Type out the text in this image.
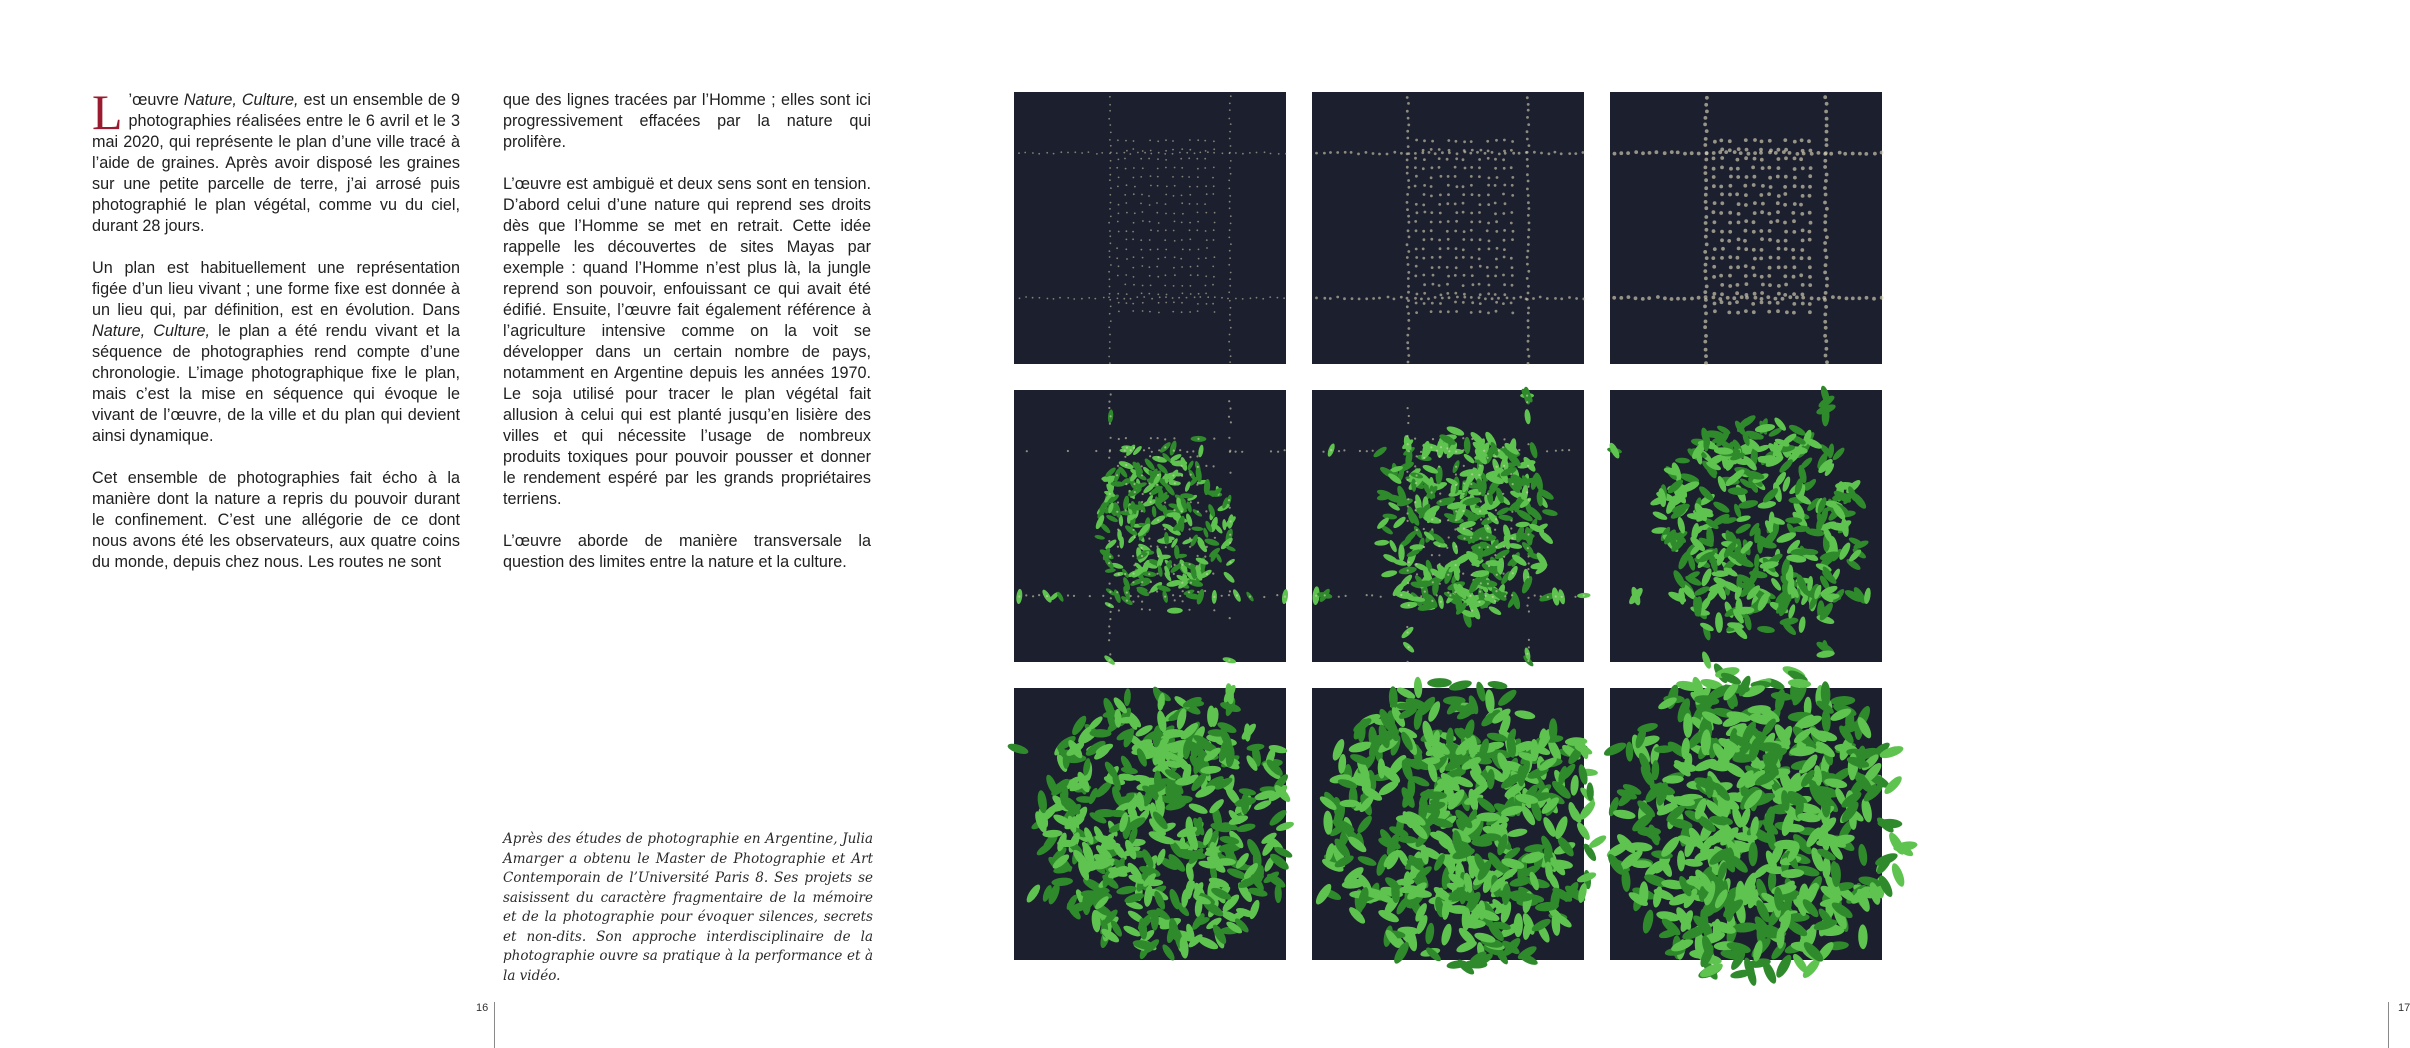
L ’œuvre Nature, Culture, est un ensemble de 9 photographies réalisées entre le 6 avril et le 3 mai 2020, qui représente le plan d’une ville tracé à l’aide de graines. Après avoir disposé les graines sur une petite parcelle de terre, j’ai arrosé puis photographié le plan végétal, comme vu du ciel, durant 28 jours.

Un plan est habituellement une représentation figée d’un lieu vivant ; une forme fixe est donnée à un lieu qui, par définition, est en évolution. Dans Nature, Culture, le plan a été rendu vivant et la séquence de photographies rend compte d’une chronologie. L’image photographique fixe le plan, mais c’est la mise en séquence qui évoque le vivant de l’œuvre, de la ville et du plan qui devient ainsi dynamique.

Cet ensemble de photographies fait écho à la manière dont la nature a repris du pouvoir durant le confinement. C’est une allégorie de ce dont nous avons été les observateurs, aux quatre coins du monde, depuis chez nous. Les routes ne sont

que des lignes tracées par l’Homme ; elles sont ici progressivement effacées par la nature qui prolifère.

L’œuvre est ambiguë et deux sens sont en tension. D’abord celui d’une nature qui reprend ses droits dès que l’Homme se met en retrait. Cette idée rappelle les découvertes de sites Mayas par exemple : quand l’Homme n’est plus là, la jungle reprend son pouvoir, enfouissant ce qui avait été édifié. Ensuite, l’œuvre fait également référence à l’agriculture intensive comme on la voit se développer dans un certain nombre de pays, notamment en Argentine depuis les années 1970. Le soja utilisé pour tracer le plan végétal fait allusion à celui qui est planté jusqu’en lisière des villes et qui nécessite l’usage de nombreux produits toxiques pour pouvoir pousser et donner le rendement espéré par les grands propriétaires terriens.

L’œuvre aborde de manière transversale la question des limites entre la nature et la culture.

Après des études de photographie en Argentine, Julia Amarger a obtenu le Master de Photographie et Art Contemporain de l’Université Paris 8. Ses projets se saisissent du caractère fragmentaire de la mémoire et de la photographie pour évoquer silences, secrets et non-dits. Son approche interdisciplinaire de la photographie ouvre sa pratique à la performance et à la vidéo.
16	17
